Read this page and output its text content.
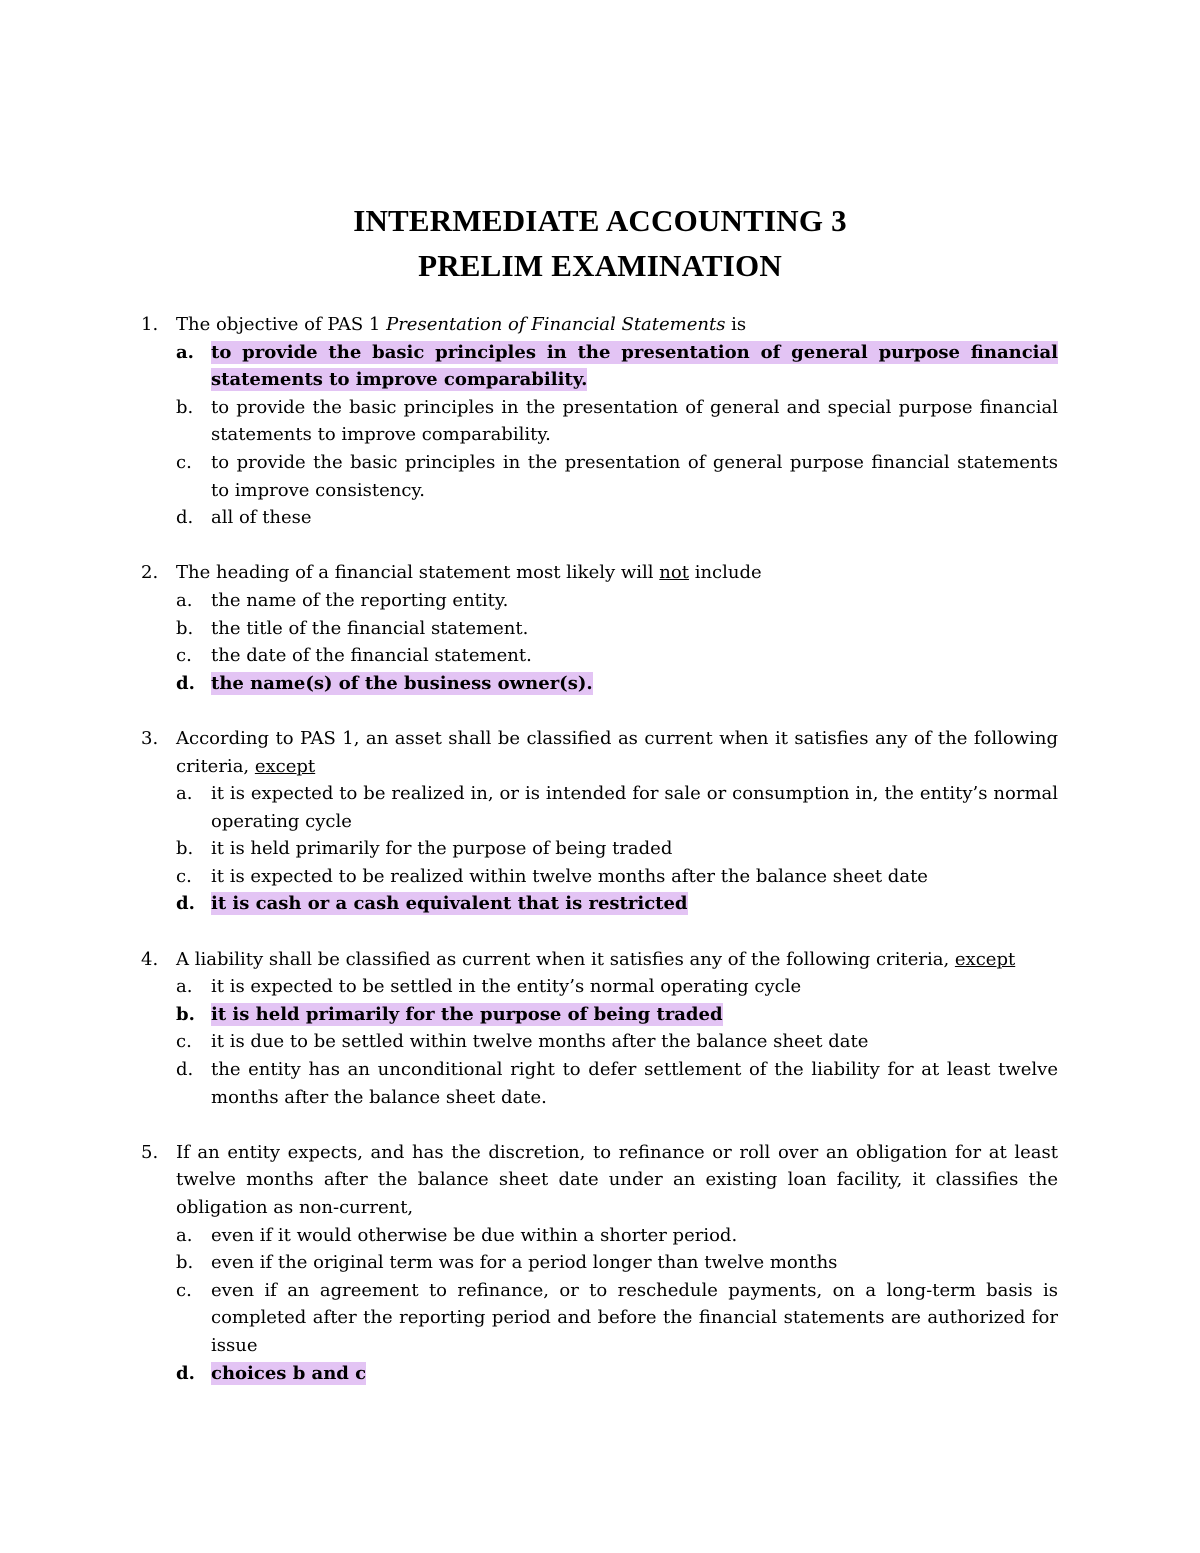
INTERMEDIATE ACCOUNTING 3
PRELIM EXAMINATION
1. The objective of PAS 1 Presentation of Financial Statements is
a. to provide the basic principles in the presentation of general purpose financial statements to improve comparability.
b. to provide the basic principles in the presentation of general and special purpose financial statements to improve comparability.
c. to provide the basic principles in the presentation of general purpose financial statements to improve consistency.
d. all of these
2. The heading of a financial statement most likely will not include
a. the name of the reporting entity.
b. the title of the financial statement.
c. the date of the financial statement.
d. the name(s) of the business owner(s).
3. According to PAS 1, an asset shall be classified as current when it satisfies any of the following criteria, except
a. it is expected to be realized in, or is intended for sale or consumption in, the entity’s normal operating cycle
b. it is held primarily for the purpose of being traded
c. it is expected to be realized within twelve months after the balance sheet date
d. it is cash or a cash equivalent that is restricted
4. A liability shall be classified as current when it satisfies any of the following criteria, except
a. it is expected to be settled in the entity’s normal operating cycle
b. it is held primarily for the purpose of being traded
c. it is due to be settled within twelve months after the balance sheet date
d. the entity has an unconditional right to defer settlement of the liability for at least twelve months after the balance sheet date.
5. If an entity expects, and has the discretion, to refinance or roll over an obligation for at least twelve months after the balance sheet date under an existing loan facility, it classifies the obligation as non-current,
a. even if it would otherwise be due within a shorter period.
b. even if the original term was for a period longer than twelve months
c. even if an agreement to refinance, or to reschedule payments, on a long-term basis is completed after the reporting period and before the financial statements are authorized for issue
d. choices b and c
